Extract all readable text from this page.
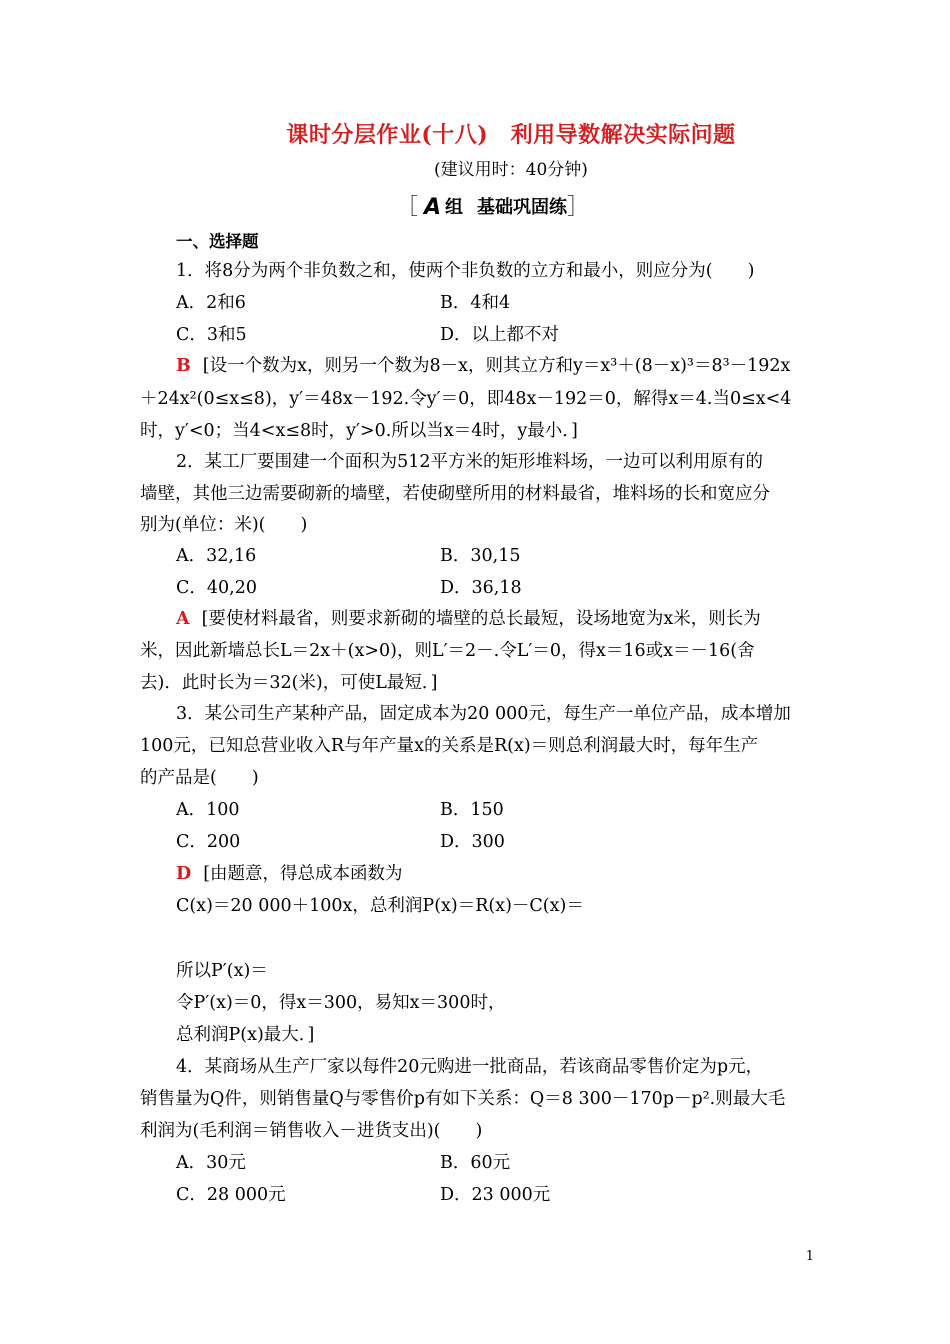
课时分层作业(十八)　利用导数解决实际问题
(建议用时：40分钟)
［ A 组 基础巩固练 ］
一、选择题
1．将8分为两个非负数之和，使两个非负数的立方和最小，则应分为(　　)
A．2和6	B．4和4
C．3和5	D．以上都不对
B [设一个数为x，则另一个数为8－x，则其立方和y＝x³＋(8－x)³＝8³－192x
＋24x²(0≤x≤8)，y′＝48x－192.令y′＝0，即48x－192＝0，解得x＝4.当0≤x<4
时，y′<0；当4<x≤8时，y′>0.所以当x＝4时，y最小．]
2．某工厂要围建一个面积为512平方米的矩形堆料场，一边可以利用原有的
墙壁，其他三边需要砌新的墙壁，若使砌壁所用的材料最省，堆料场的长和宽应分
别为(单位：米)(　　)
A．32,16	B．30,15
C．40,20	D．36,18
A [要使材料最省，则要求新砌的墙壁的总长最短，设场地宽为x米，则长为
米，因此新墙总长L＝2x＋(x>0)，则L′＝2－.令L′＝0，得x＝16或x＝－16(舍
去)．此时长为＝32(米)，可使L最短．]
3．某公司生产某种产品，固定成本为20 000元，每生产一单位产品，成本增加
100元，已知总营业收入R与年产量x的关系是R(x)＝则总利润最大时，每年生产
的产品是(　　)
A．100	B．150
C．200	D．300
D [由题意，得总成本函数为
C(x)＝20 000＋100x，总利润P(x)＝R(x)－C(x)＝
所以P′(x)＝
令P′(x)＝0，得x＝300，易知x＝300时，
总利润P(x)最大．]
4．某商场从生产厂家以每件20元购进一批商品，若该商品零售价定为p元，
销售量为Q件，则销售量Q与零售价p有如下关系：Q＝8 300－170p－p².则最大毛
利润为(毛利润＝销售收入－进货支出)(　　)
A．30元	B．60元
C．28 000元	D．23 000元
1
